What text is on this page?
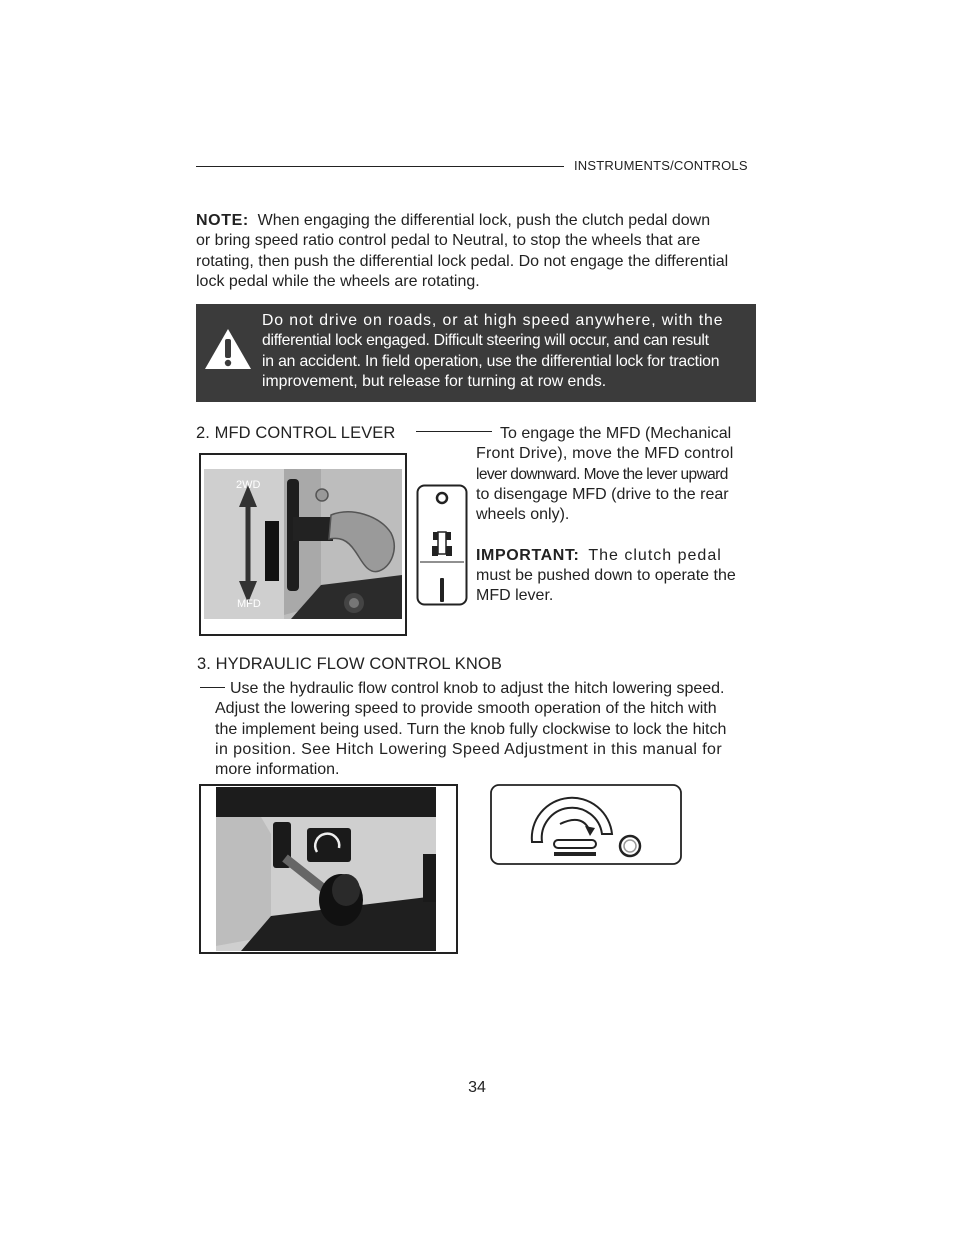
INSTRUMENTS/CONTROLS
NOTE: When engaging the differential lock, push the clutch pedal down
or bring speed ratio control pedal to Neutral, to stop the wheels that are
rotating, then push the differential lock pedal. Do not engage the differential
lock pedal while the wheels are rotating.
Do not drive on roads, or at high speed anywhere, with the
differential lock engaged. Difficult steering will occur, and can result
in an accident. In field operation, use the differential lock for traction
improvement, but release for turning at row ends.
2. MFD CONTROL LEVER
2WD
MFD
To engage the MFD (Mechanical
Front Drive), move the MFD control
lever downward. Move the lever upward
to disengage MFD (drive to the rear
wheels only).
IMPORTANT: The clutch pedal
must be pushed down to operate the
MFD lever.
3. HYDRAULIC FLOW CONTROL KNOB
Use the hydraulic flow control knob to adjust the hitch lowering speed.
Adjust the lowering speed to provide smooth operation of the hitch with
the implement being used. Turn the knob fully clockwise to lock the hitch
in position. See Hitch Lowering Speed Adjustment in this manual for
more information.
34
